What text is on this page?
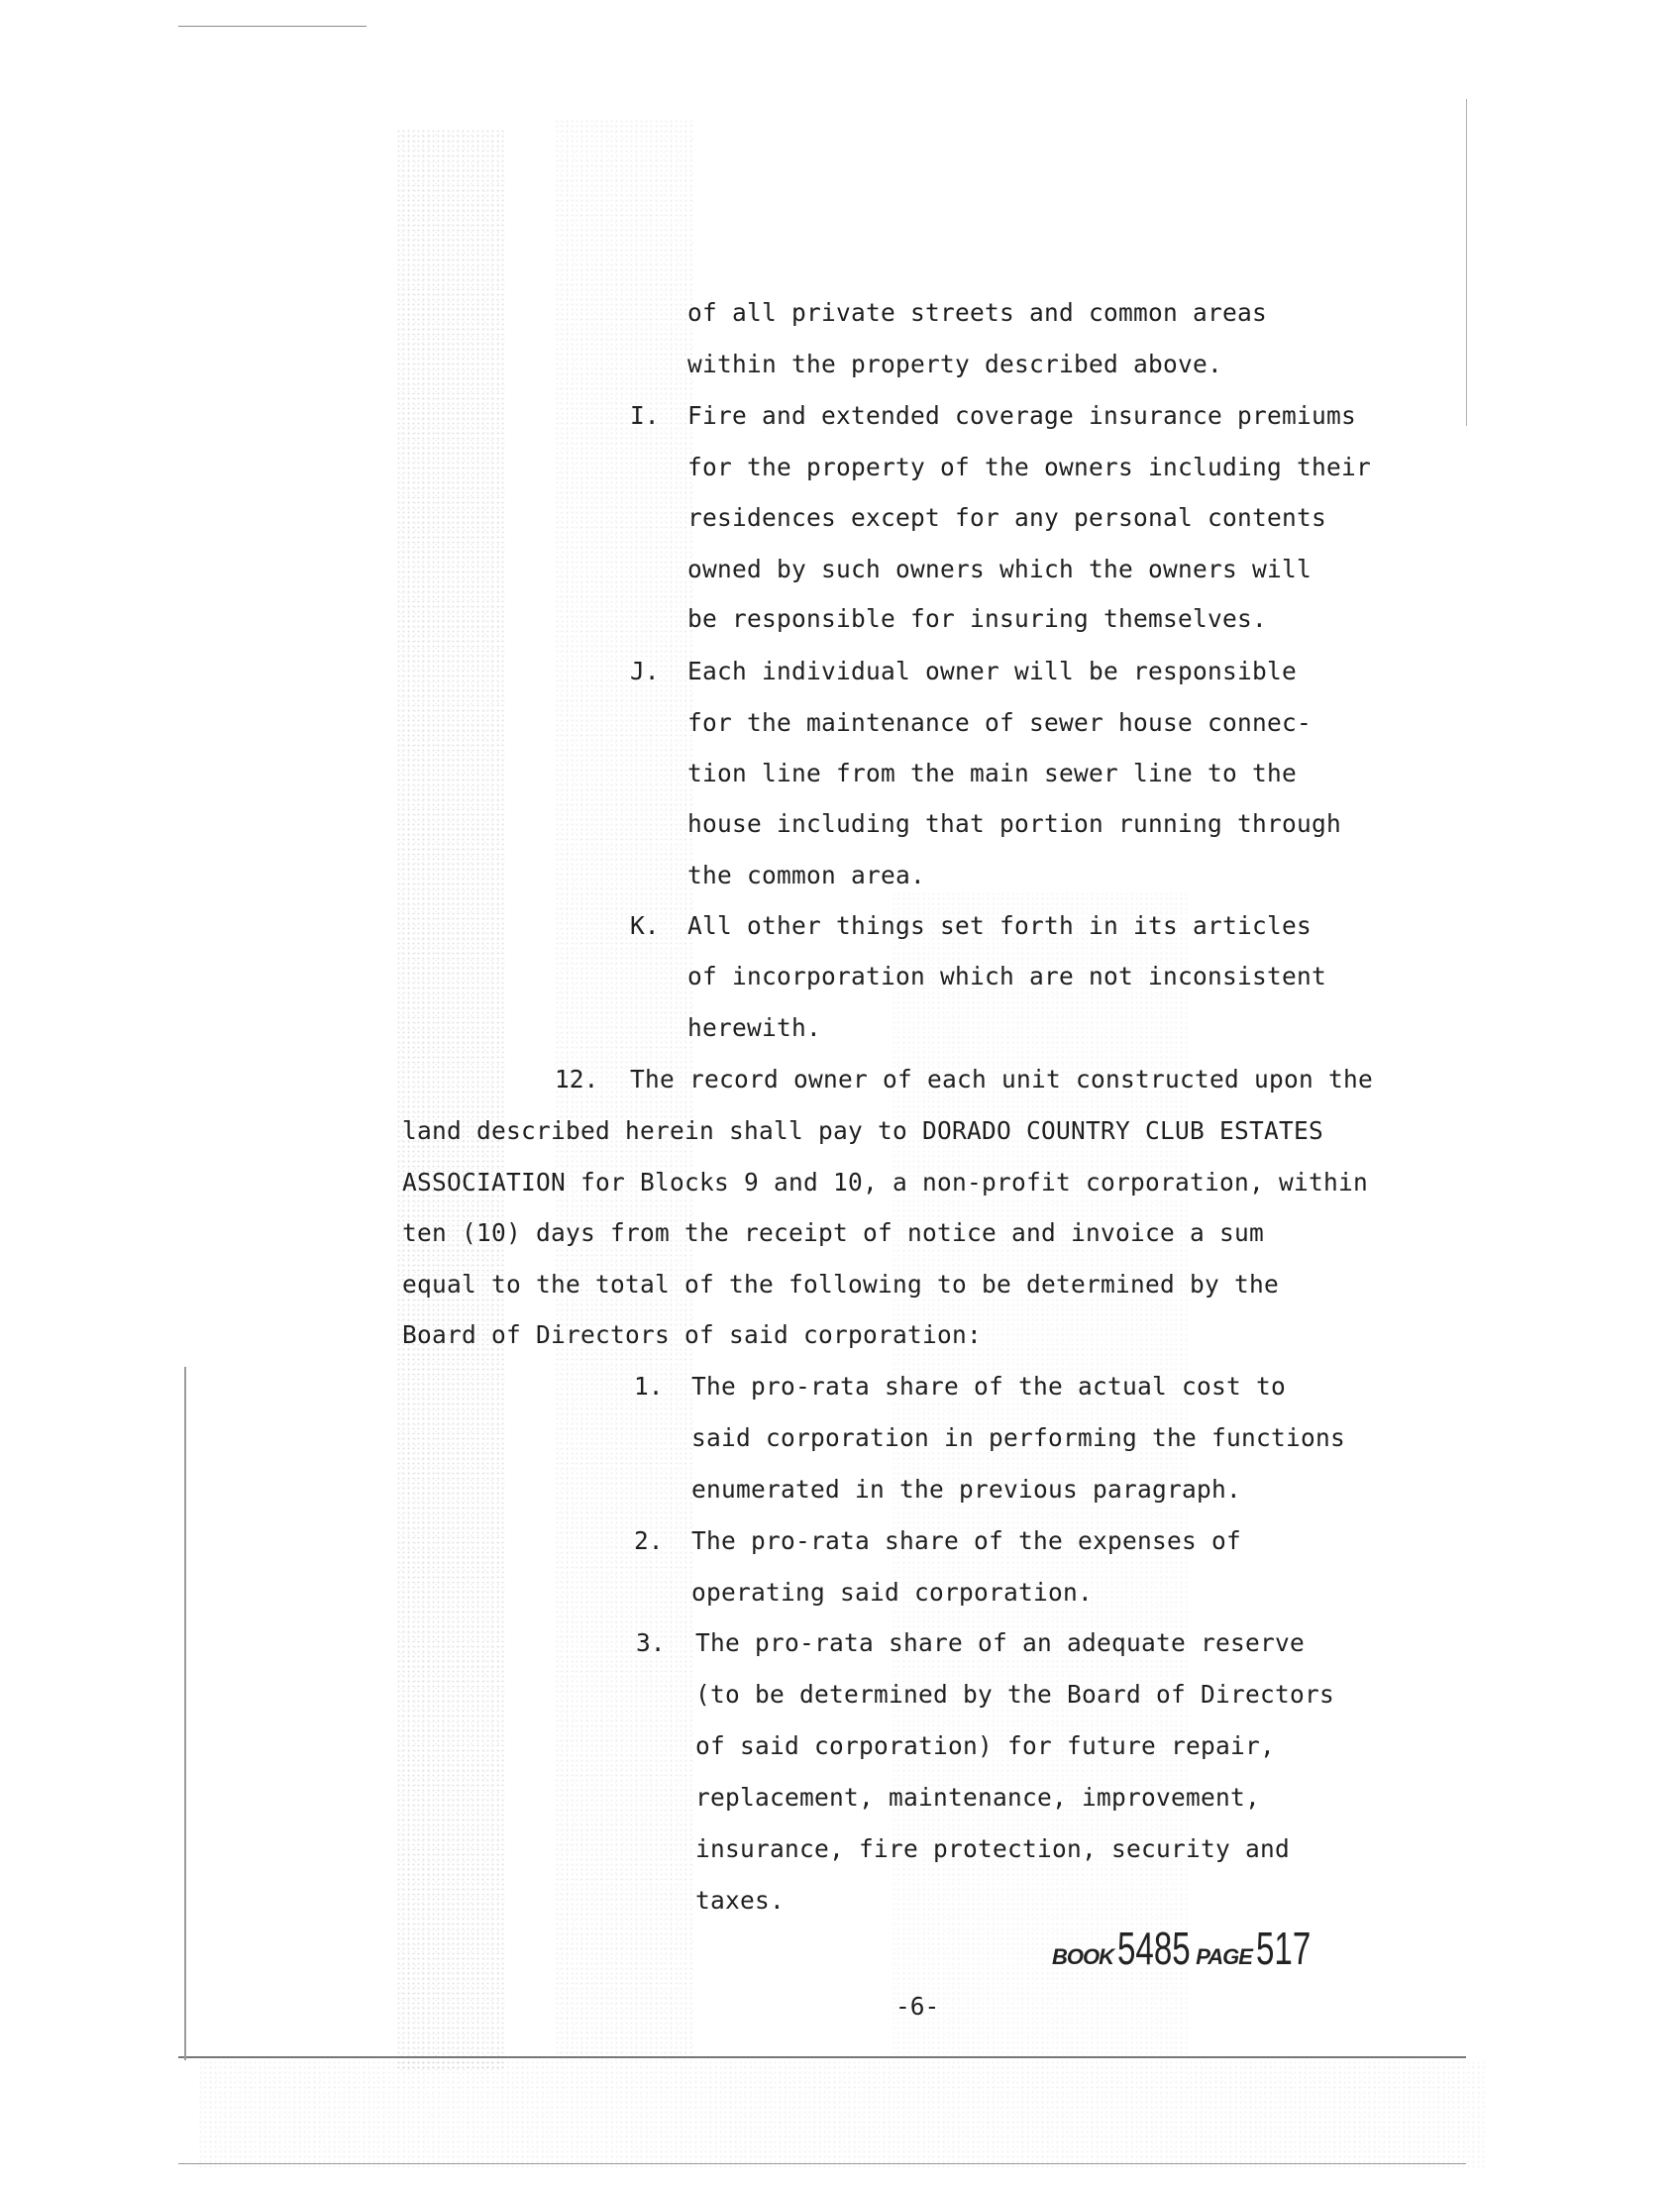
of all private streets and common areas
within the property described above.
I. Fire and extended coverage insurance premiums
for the property of the owners including their
residences except for any personal contents
owned by such owners which the owners will
be responsible for insuring themselves.
J. Each individual owner will be responsible
for the maintenance of sewer house connec-
tion line from the main sewer line to the
house including that portion running through
the common area.
K. All other things set forth in its articles
of incorporation which are not inconsistent
herewith.
12. The record owner of each unit constructed upon the
land described herein shall pay to DORADO COUNTRY CLUB ESTATES
ASSOCIATION for Blocks 9 and 10, a non-profit corporation, within
ten (10) days from the receipt of notice and invoice a sum
equal to the total of the following to be determined by the
Board of Directors of said corporation:
1. The pro-rata share of the actual cost to
said corporation in performing the functions
enumerated in the previous paragraph.
2. The pro-rata share of the expenses of
operating said corporation.
3. The pro-rata share of an adequate reserve
(to be determined by the Board of Directors
of said corporation) for future repair,
replacement, maintenance, improvement,
insurance, fire protection, security and
taxes.
BOOK 5485 PAGE 517
-6-
